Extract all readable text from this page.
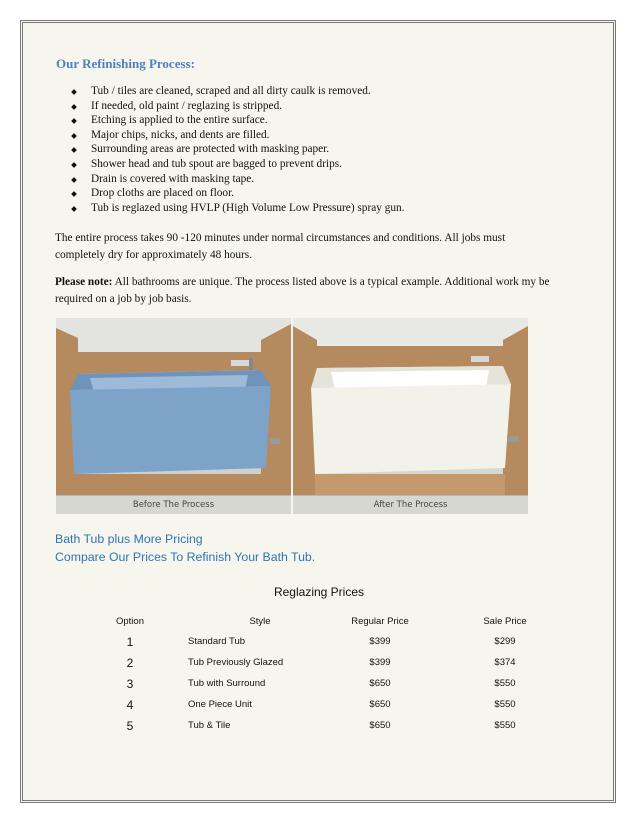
Our Refinishing Process:
Tub / tiles are cleaned, scraped and all dirty caulk is removed.
If needed, old paint / reglazing is stripped.
Etching is applied to the entire surface.
Major chips, nicks, and dents are filled.
Surrounding areas are protected with masking paper.
Shower head and tub spout are bagged to prevent drips.
Drain is covered with masking tape.
Drop cloths are placed on floor.
Tub is reglazed using HVLP (High Volume Low Pressure) spray gun.

The entire process takes 90 -120 minutes under normal circumstances and conditions. All jobs must completely dry for approximately 48 hours.

Please note: All bathrooms are unique. The process listed above is a typical example. Additional work my be required on a job by job basis.

Before The Process	After The Process

Bath Tub plus More Pricing

Compare Our Prices To Refinish Your Bath Tub.

Reglazing Prices

Option	Style	Regular Price	Sale Price
1	Standard Tub	$399	$299
2	Tub Previously Glazed	$399	$374
3	Tub with Surround	$650	$550
4	One Piece Unit	$650	$550
5	Tub & Tile	$650	$550
